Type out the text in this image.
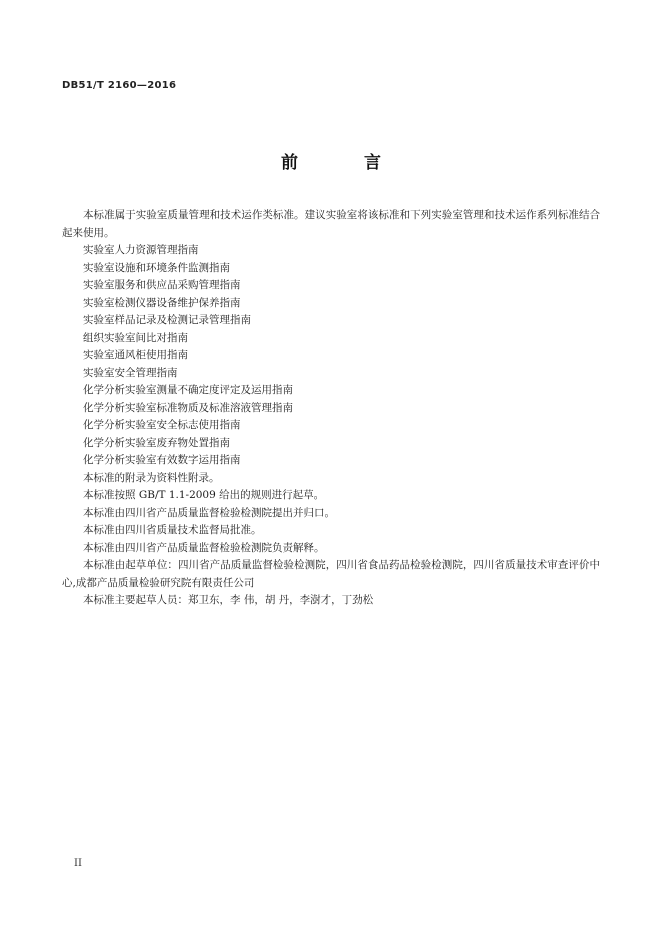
DB51/T 2160—2016
前 言

本标准属于实验室质量管理和技术运作类标准。建议实验室将该标准和下列实验室管理和技术运作系列标准结合起来使用。

实验室人力资源管理指南

实验室设施和环境条件监测指南

实验室服务和供应品采购管理指南

实验室检测仪器设备维护保养指南

实验室样品记录及检测记录管理指南

组织实验室间比对指南

实验室通风柜使用指南

实验室安全管理指南

化学分析实验室测量不确定度评定及运用指南

化学分析实验室标准物质及标准溶液管理指南

化学分析实验室安全标志使用指南

化学分析实验室废弃物处置指南

化学分析实验室有效数字运用指南

本标准的附录为资料性附录。

本标准按照 GB/T 1.1-2009 给出的规则进行起草。

本标准由四川省产品质量监督检验检测院提出并归口。

本标准由四川省质量技术监督局批准。

本标准由四川省产品质量监督检验检测院负责解释。

本标准由起草单位：四川省产品质量监督检验检测院，四川省食品药品检验检测院，四川省质量技术审查评价中心,成都产品质量检验研究院有限责任公司

本标准主要起草人员：郑卫东，李 伟，胡 丹，李澍才，丁劲松

II
